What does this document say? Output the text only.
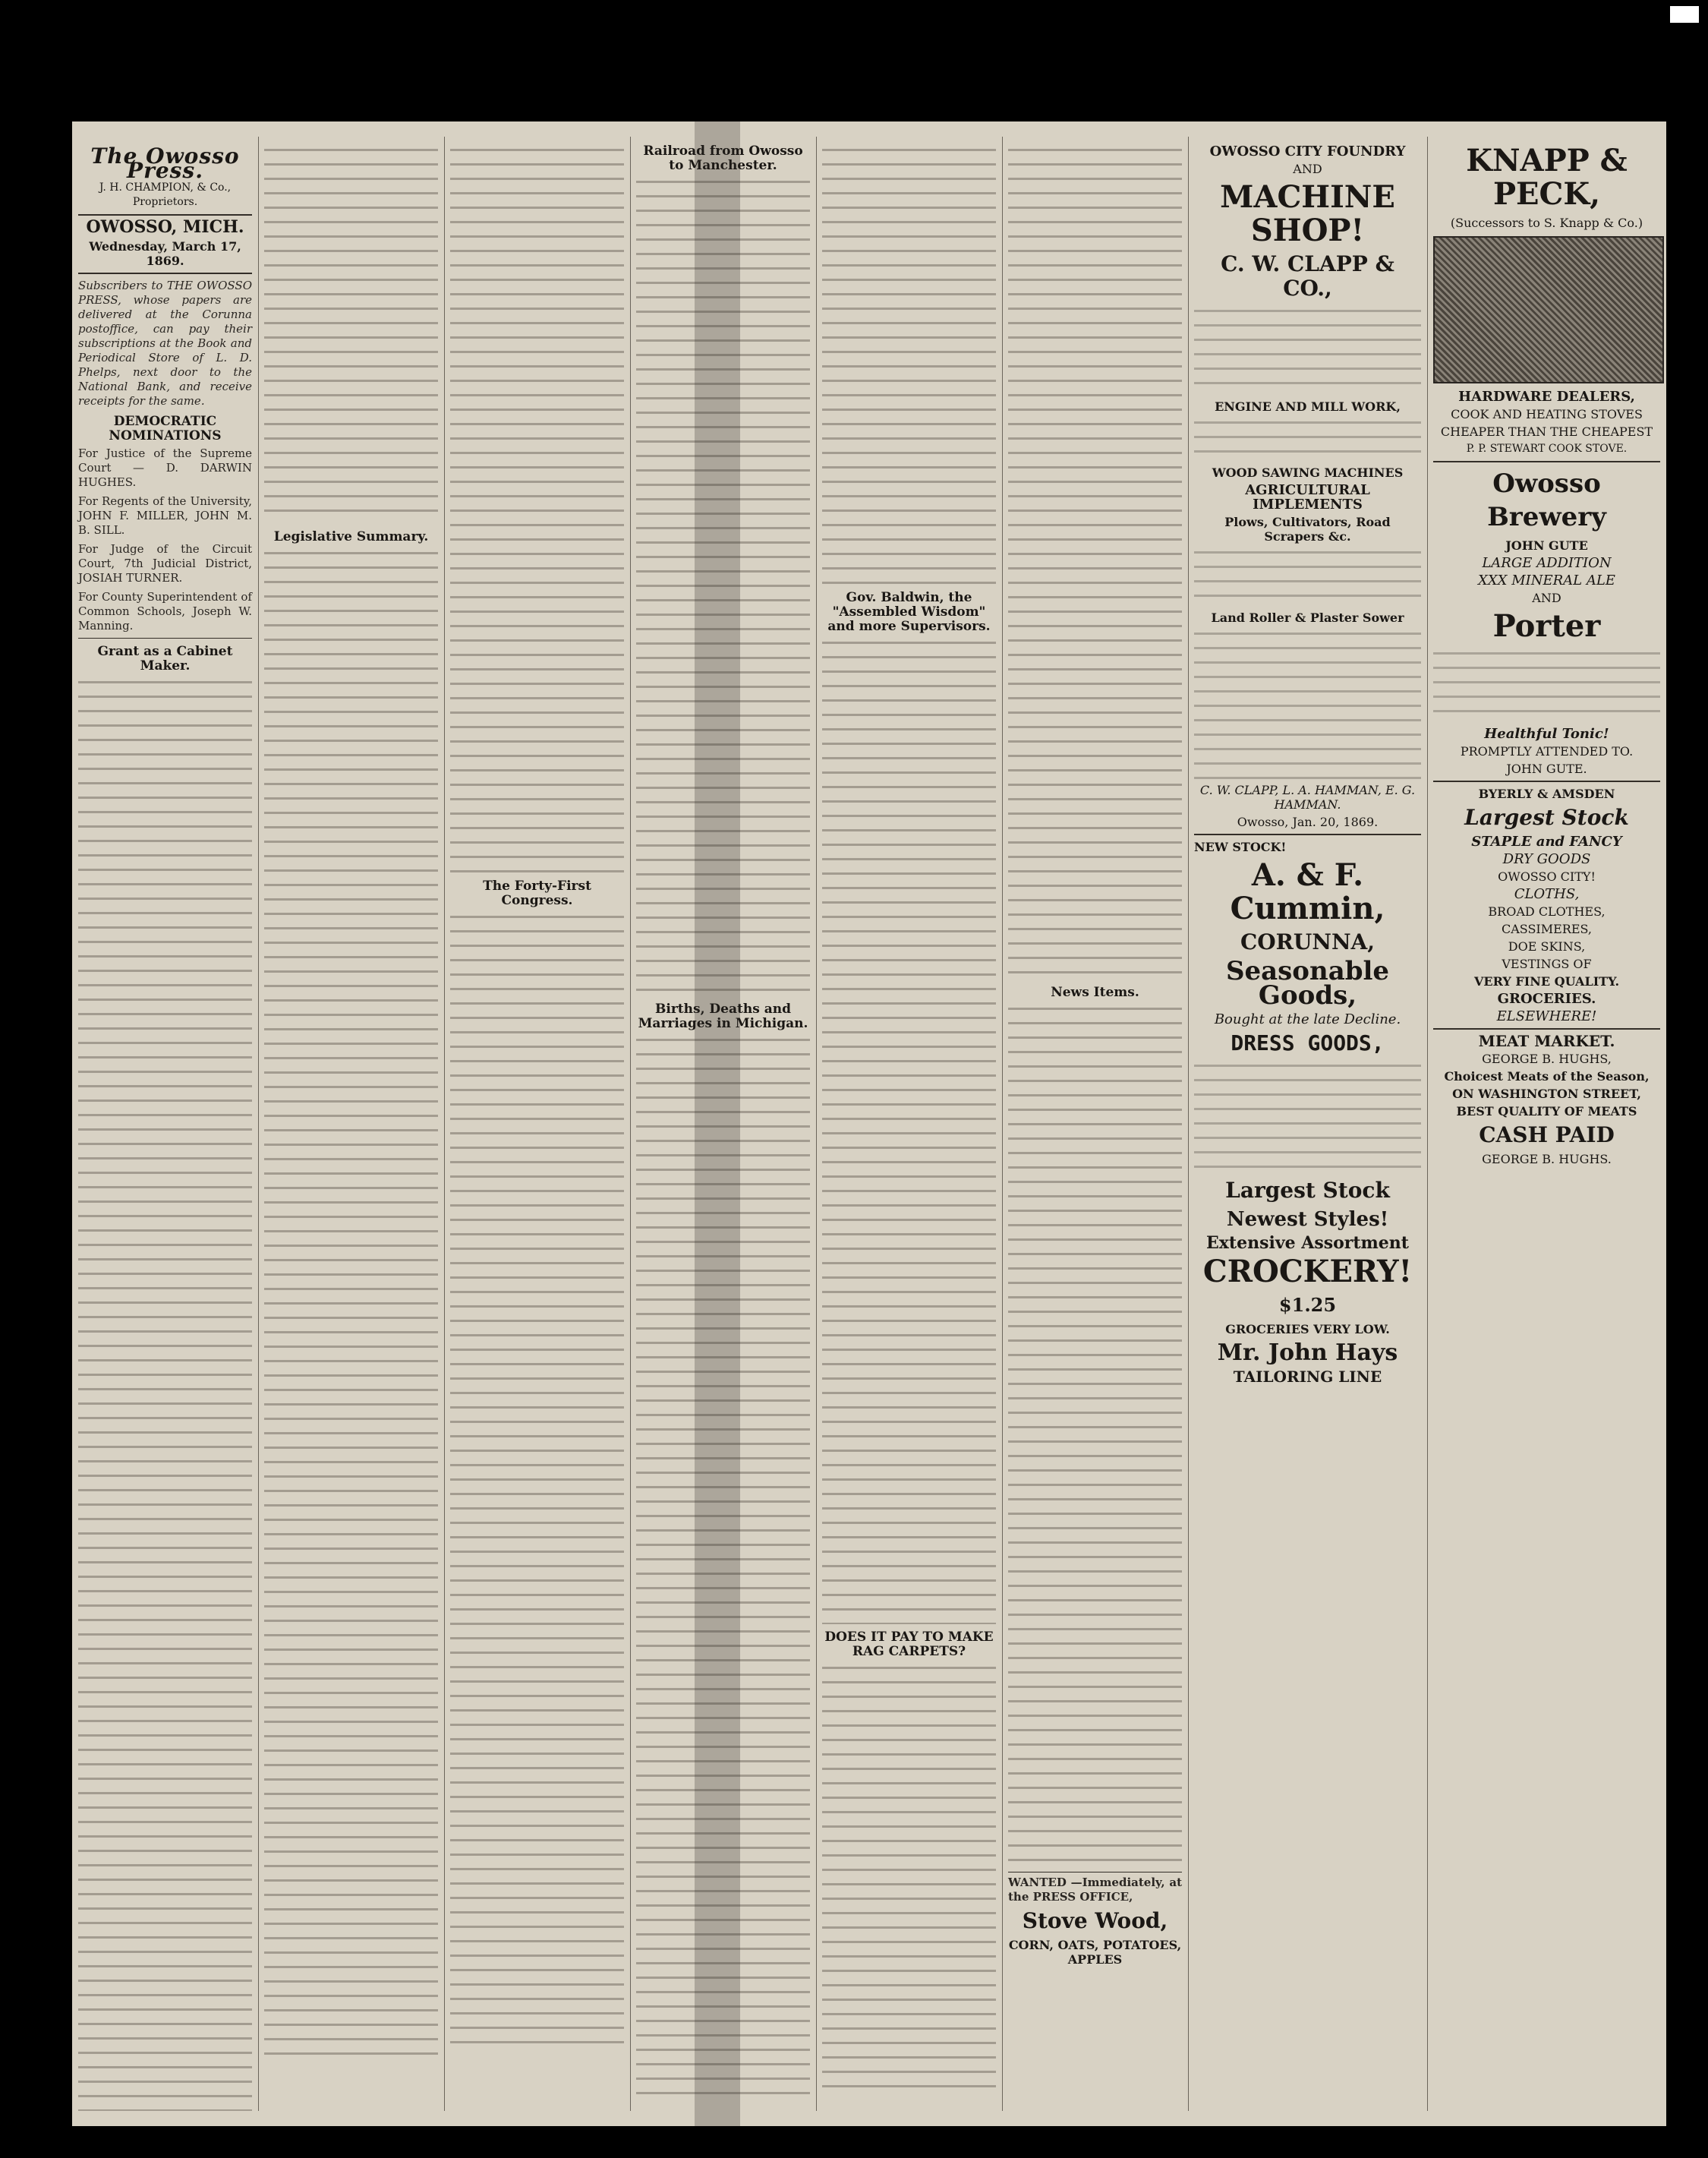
The Owosso Press.
J. H. CHAMPION, & Co., Proprietors.
OWOSSO, MICH.
Wednesday, March 17, 1869.

Subscribers to THE OWOSSO PRESS, whose papers are delivered at the Corunna postoffice, can pay their subscriptions at the Book and Periodical Store of L. D. Phelps, next door to the National Bank, and receive receipts for the same.

DEMOCRATIC NOMINATIONS

For Justice of the Supreme Court — D. DARWIN HUGHES.

For Regents of the University, JOHN F. MILLER, JOHN M. B. SILL.

For Judge of the Circuit Court, 7th Judicial District, JOSIAH TURNER.

For County Superintendent of Common Schools, Joseph W. Manning.

Grant as a Cabinet Maker.
Legislative Summary.
The Forty-First Congress.
Railroad from Owosso to Manchester.
Births, Deaths and Marriages in Michigan.
Gov. Baldwin, the "Assembled Wisdom" and more Supervisors.
DOES IT PAY TO MAKE RAG CARPETS?
News Items.

WANTED —Immediately, at the PRESS OFFICE,

Stove Wood,
CORN, OATS, POTATOES, APPLES
OWOSSO CITY FOUNDRY
AND
MACHINE SHOP!
C. W. CLAPP & CO.,
ENGINE AND MILL WORK,
WOOD SAWING MACHINES
AGRICULTURAL IMPLEMENTS
Plows, Cultivators, Road Scrapers &c.
Land Roller & Plaster Sower
C. W. CLAPP, L. A. HAMMAN, E. G. HAMMAN.
Owosso, Jan. 20, 1869.
NEW STOCK!
A. & F. Cummin,
CORUNNA,
Seasonable Goods,
Bought at the late Decline.
DRESS GOODS,
Largest Stock
Newest Styles!
Extensive Assortment
CROCKERY!
$1.25
GROCERIES VERY LOW.
Mr. John Hays
TAILORING LINE
KNAPP & PECK,
(Successors to S. Knapp & Co.)
HARDWARE DEALERS,
COOK AND HEATING STOVES
CHEAPER THAN THE CHEAPEST
P. P. STEWART COOK STOVE.
Owosso Brewery
JOHN GUTE
LARGE ADDITION
XXX MINERAL ALE
AND
Porter
Healthful Tonic!
PROMPTLY ATTENDED TO.
JOHN GUTE.
BYERLY & AMSDEN
Largest Stock
STAPLE and FANCY
DRY GOODS
OWOSSO CITY!
CLOTHS,
BROAD CLOTHES,
CASSIMERES,
DOE SKINS,
VESTINGS OF
VERY FINE QUALITY.
GROCERIES.
ELSEWHERE!
MEAT MARKET.
GEORGE B. HUGHS,
Choicest Meats of the Season,
ON WASHINGTON STREET,
BEST QUALITY OF MEATS
CASH PAID
GEORGE B. HUGHS.
